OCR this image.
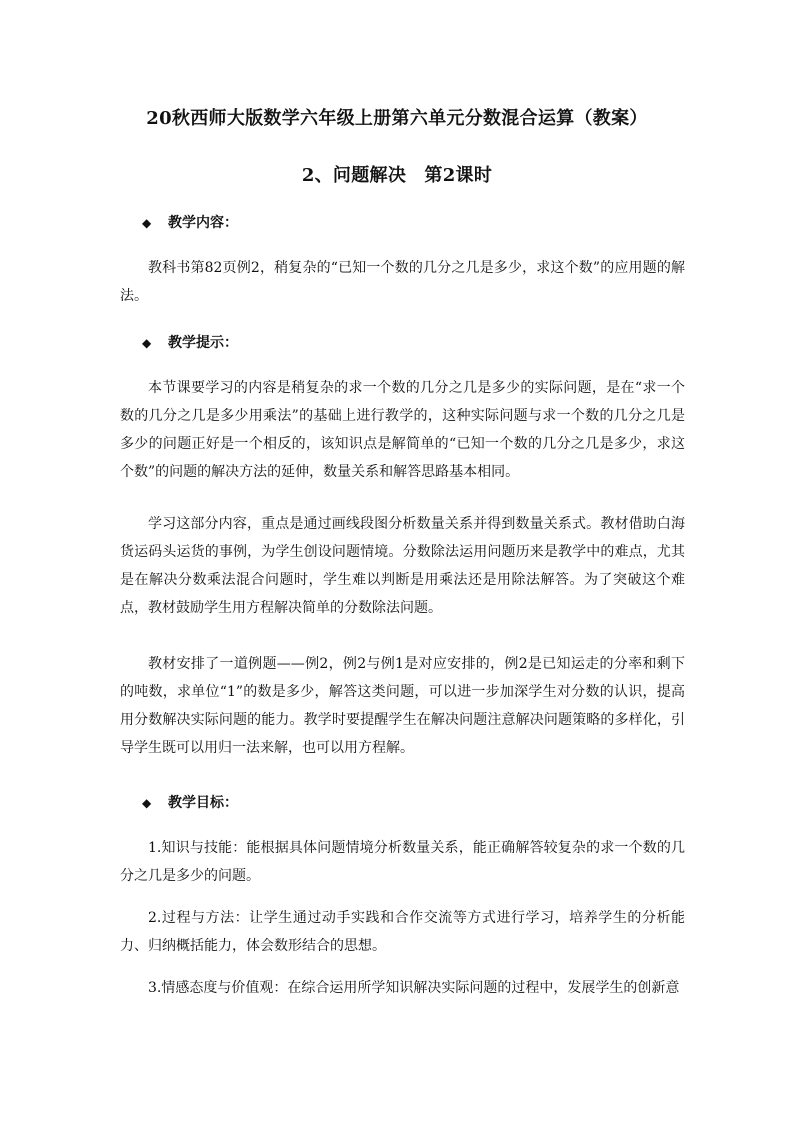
20秋西师大版数学六年级上册第六单元分数混合运算（教案）
2、问题解决　第2课时
◆ 教学内容：
教科书第82页例2，稍复杂的“已知一个数的几分之几是多少，求这个数”的应用题的解法。
◆ 教学提示：
本节课要学习的内容是稍复杂的求一个数的几分之几是多少的实际问题，是在“求一个数的几分之几是多少用乘法”的基础上进行教学的，这种实际问题与求一个数的几分之几是多少的问题正好是一个相反的，该知识点是解简单的“已知一个数的几分之几是多少，求这个数”的问题的解决方法的延伸，数量关系和解答思路基本相同。
学习这部分内容，重点是通过画线段图分析数量关系并得到数量关系式。教材借助白海货运码头运货的事例，为学生创设问题情境。分数除法运用问题历来是教学中的难点，尤其是在解决分数乘法混合问题时，学生难以判断是用乘法还是用除法解答。为了突破这个难点，教材鼓励学生用方程解决简单的分数除法问题。
教材安排了一道例题——例2，例2与例1是对应安排的，例2是已知运走的分率和剩下的吨数，求单位“1”的数是多少，解答这类问题，可以进一步加深学生对分数的认识，提高用分数解决实际问题的能力。教学时要提醒学生在解决问题注意解决问题策略的多样化，引导学生既可以用归一法来解，也可以用方程解。
◆ 教学目标：
1.知识与技能：能根据具体问题情境分析数量关系，能正确解答较复杂的求一个数的几分之几是多少的问题。
2.过程与方法：让学生通过动手实践和合作交流等方式进行学习，培养学生的分析能力、归纳概括能力，体会数形结合的思想。
3.情感态度与价值观：在综合运用所学知识解决实际问题的过程中，发展学生的创新意
